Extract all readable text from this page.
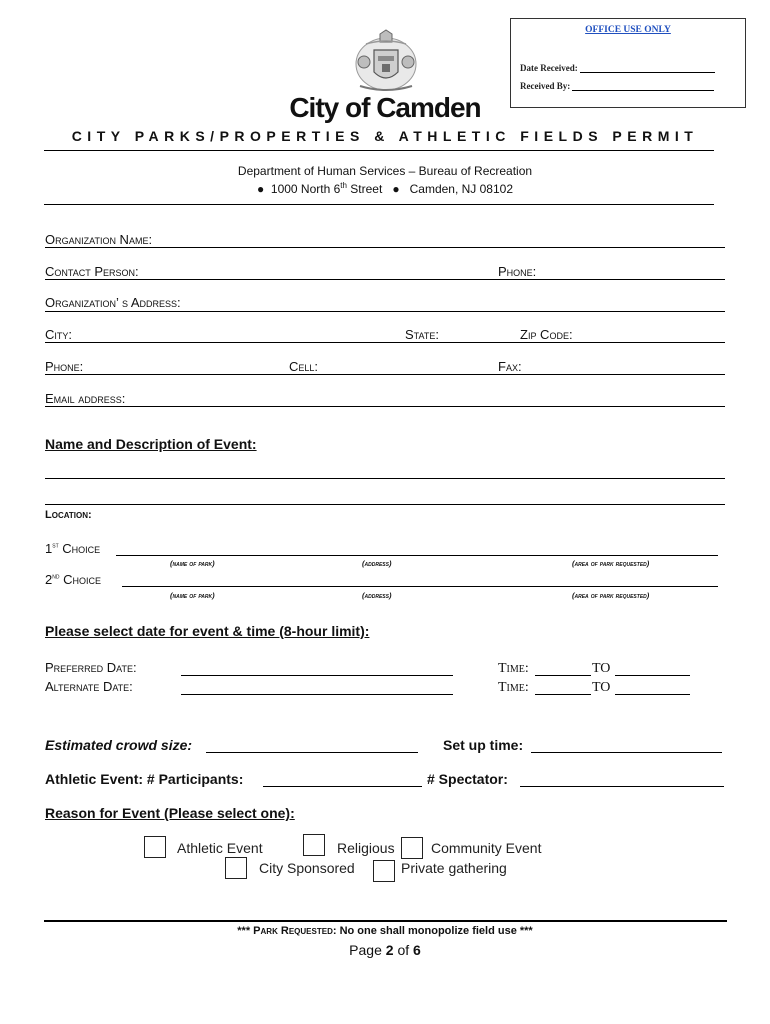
OFFICE USE ONLY
Date Received:
Received By:
City of Camden
CITY PARKS/PROPERTIES & ATHLETIC FIELDS PERMIT
Department of Human Services – Bureau of Recreation
● 1000 North 6th Street ● Camden, NJ 08102
Organization Name:
Contact Person:	Phone:
Organization’ s Address:
City:	State:	Zip Code:
Phone:	Cell:	Fax:
Email address:
Name and Description of Event:
Location:
1st Choice
(name of park)	(address)	(area of park requested)
2nd Choice
(name of park)	(address)	(area of park requested)
Please select date for event & time (8-hour limit):
Preferred Date:	Time:	TO
Alternate Date:	Time:	TO
Estimated crowd size:	Set up time:
Athletic Event: # Participants:	# Spectator:
Reason for Event (Please select one):
Athletic Event	Religious	Community Event
City Sponsored	Private gathering
*** Park Requested: No one shall monopolize field use ***
Page 2 of 6
